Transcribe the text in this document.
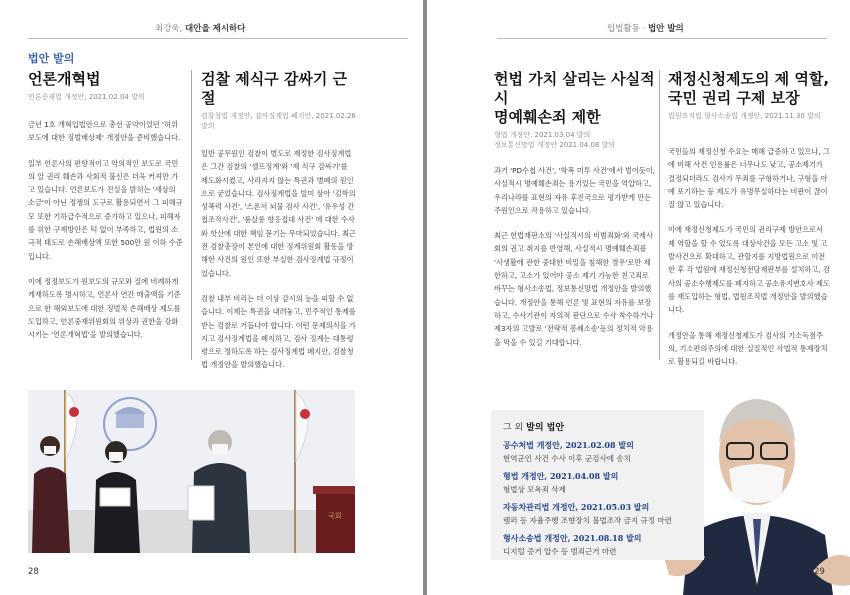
최강욱, 대안을 제시하다
법안 발의
언론개혁법
언론중재법 개정안, 2021.02.04 발의

금년 1호 개혁입법안으로 총선 공약이었던 '허위보도에 대한 징벌배상제' 개정안을 준비했습니다.

일부 언론사의 편향적이고 악의적인 보도로 국민의 알 권리 훼손과 사회적 불신은 더욱 커져만 가고 있습니다. 언론보도가 진실을 밝히는 '세상의 소금'이 아닌 정쟁의 도구로 활용되면서 그 피해규모 또한 기하급수적으로 증가하고 있으나, 피해자를 위한 구제방안은 턱 없이 부족하고, 법원의 소극적 태도로 손해배상액 또한 500만 원 이하 수준입니다.

이에 정정보도가 원보도의 규모와 질에 비례하게 게재하도록 명시하고, 언론사 연간 매출액을 기준으로 한 해외보도에 대한 징벌적 손해배상 제도를 도입하고, 언론중재위원회의 위상과 권한을 강화시키는 '언론개혁법'을 발의했습니다.

검찰 제식구 감싸기 근절
검찰청법 개정안, 감사징계법 폐지안, 2021.02.26 발의

일반 공무원인 검찰이 별도로 제정한 검사징계법은 그간 검찰의 '셀프징계'와 '제 식구 감싸기'를 제도화시켰고, 사라지지 않는 특권과 병폐의 원인으로 굳었습니다. 검사징계법을 빌미 삼아 '김학의 성폭력 사건', '스폰서 뇌물 검사 사건', '유우성 간첩조작사건', '룸살롱 향응접대 사건' 에 대한 수사와 핫산에 대한 책임 묻기는 무마되었습니다. 최근 전 검찰총장이 본인에 대한 징계위원회 활동을 방해한 사건의 원인 또한 부실한 검사징계법 규정이었습니다.

검찰 내부 비리는 더 이상 감시의 눈을 피할 수 없습니다. 이제는 특권을 내려놓고, 민주적인 통제를 받는 검찰로 거듭나야 합니다. 이런 문제의식을 가지고 검사징계법을 폐지하고, 검사 징계는 대통령령으로 정하도록 하는 검사징계법 폐지안, 검찰청법 개정안을 발의했습니다.

국회
28
입법활동 · 법안 발의
헌법 가치 살리는 사실적시
명예훼손죄 제한
형법 개정안, 2021.03.04 발의
정보통신망법 개정안 2021.04.08 발의

과거 'PD수첩 사건', '학폭 미투 사건'에서 벌어듯이, 사실적시 명예훼손죄는 용기있는 국민을 억압하고, 우리나라를 표현의 자유 후진국으로 평가받게 만든 주원인으로 작용하고 있습니다.

최근 헌법재판소의 '사실적시의 비범죄화'와 국제사회의 권고 취지를 반영해, 사실적시 명예훼손죄를 '사생활에 관한 중대한 비밀을 침해한 경우'로만 제한하고, 고소가 있어야 공소 제기 가능한 친고죄로 바꾸는 형사소송법, 정보통신망법 개정안을 발의했습니다. 개정안을 통해 언론 및 표현의 자유를 보장하고, 수사기관이 자의적 판단으로 수사 착수하거나 제3자의 고발로 '전략적 봉쇄소송'등의 정치적 악용을 막을 수 있길 기대합니다.

재정신청제도의 제 역할,
국민 권리 구제 보장
법원조직법 형사소송법 개정안, 2021.11.30 발의

국민들의 재정신청 수요는 매해 급증하고 있으나, 그에 비해 사건 인용률은 너무나도 낮고, 공소제기가 결정되더라도 검사가 무죄를 구형하거나, 구형을 아예 포기하는 등 제도가 유명무실하다는 비판이 끊이질 않고 있습니다.

이에 재정신청제도가 국민의 권리구제 방안으로서 제 역할을 할 수 있도록 대상사건을 모든 고소 및 고발사건으로 확대하고, 관할지를 지방법원으로 이전한 후 각 법원에 재정신청전담재판부를 설치하고, 검사의 공소수행제도를 폐지하고 공소유지변호사 제도를 재도입하는 형법, 법원조직법 개정안을 발의했습니다.

개정안을 통해 재정신청제도가 검사의 기소독점주의, 기소편의주의에 대한 실질적인 사법적 통제장치로 활용되길 바랍니다.

그 외 발의 법안
공수처법 개정안, 2021.02.08 발의
현역군인 사건 수사 이후 군검사에 송치
형법 개정안, 2021.04.08 발의
형법상 모욕죄 삭제
자동차관리법 개정안, 2021.05.03 발의
렘퍼 등 자율주행 조향장치 불법조작 금지 규정 마련
형사소송법 개정안, 2021.08.18 발의
디지털 증거 압수 등 범죄근거 마련
29
